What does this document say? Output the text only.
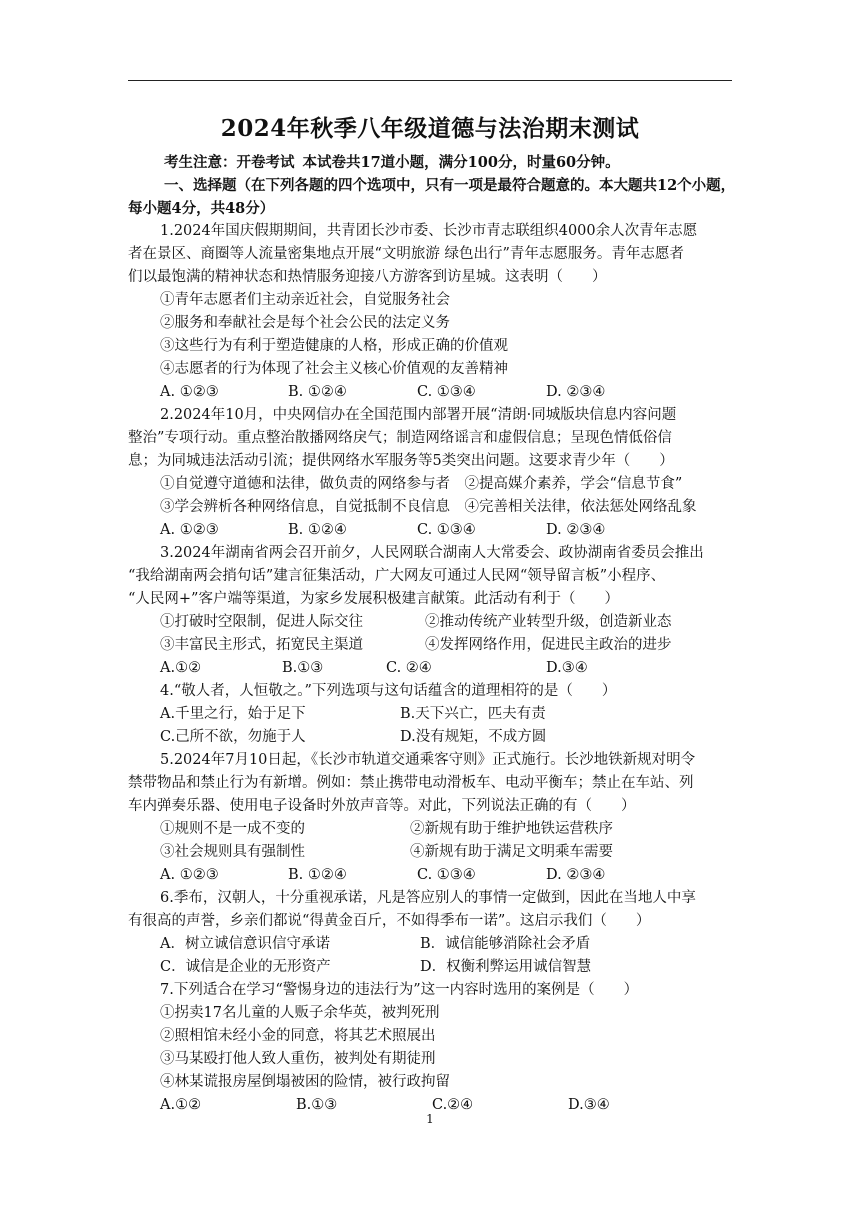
2024年秋季八年级道德与法治期末测试
考生注意：开卷考试 本试卷共17道小题，满分100分，时量60分钟。
一、选择题（在下列各题的四个选项中，只有一项是最符合题意的。本大题共12个小题，每小题4分，共48分）
1.2024年国庆假期期间，共青团长沙市委、长沙市青志联组织4000余人次青年志愿
者在景区、商圈等人流量密集地点开展“文明旅游 绿色出行”青年志愿服务。青年志愿者
们以最饱满的精神状态和热情服务迎接八方游客到访星城。这表明（　　）
①青年志愿者们主动亲近社会，自觉服务社会
②服务和奉献社会是每个社会公民的法定义务
③这些行为有利于塑造健康的人格，形成正确的价值观
④志愿者的行为体现了社会主义核心价值观的友善精神
A. ①②③	B. ①②④	C. ①③④	D. ②③④
2.2024年10月，中央网信办在全国范围内部署开展“清朗·同城版块信息内容问题
整治”专项行动。重点整治散播网络戾气；制造网络谣言和虚假信息；呈现色情低俗信
息；为同城违法活动引流；提供网络水军服务等5类突出问题。这要求青少年（　　）
①自觉遵守道德和法律，做负责的网络参与者　②提高媒介素养，学会“信息节食”
③学会辨析各种网络信息，自觉抵制不良信息　④完善相关法律，依法惩处网络乱象
A. ①②③	B. ①②④	C. ①③④	D. ②③④
3.2024年湖南省两会召开前夕，人民网联合湖南人大常委会、政协湖南省委员会推出
“我给湖南两会捎句话”建言征集活动，广大网友可通过人民网“领导留言板”小程序、
“人民网+”客户端等渠道，为家乡发展积极建言献策。此活动有利于（　　）
①打破时空限制，促进人际交往	②推动传统产业转型升级，创造新业态
③丰富民主形式，拓宽民主渠道	④发挥网络作用，促进民主政治的进步
A.①②	B.①③	C. ②④	D.③④
4.“敬人者，人恒敬之。”下列选项与这句话蕴含的道理相符的是（　　）
A.千里之行，始于足下	B.天下兴亡，匹夫有责
C.己所不欲，勿施于人	D.没有规矩，不成方圆
5.2024年7月10日起，《长沙市轨道交通乘客守则》正式施行。长沙地铁新规对明令
禁带物品和禁止行为有新增。例如：禁止携带电动滑板车、电动平衡车；禁止在车站、列
车内弹奏乐器、使用电子设备时外放声音等。对此，下列说法正确的有（　　）
①规则不是一成不变的	②新规有助于维护地铁运营秩序
③社会规则具有强制性	④新规有助于满足文明乘车需要
A. ①②③	B. ①②④	C. ①③④	D. ②③④
6.季布，汉朝人，十分重视承诺，凡是答应别人的事情一定做到，因此在当地人中享
有很高的声誉，乡亲们都说“得黄金百斤，不如得季布一诺”。这启示我们（　　）
A．树立诚信意识信守承诺	B．诚信能够消除社会矛盾
C．诚信是企业的无形资产	D．权衡利弊运用诚信智慧
7.下列适合在学习“警惕身边的违法行为”这一内容时选用的案例是（　　）
①拐卖17名儿童的人贩子余华英，被判死刑
②照相馆未经小金的同意，将其艺术照展出
③马某殴打他人致人重伤，被判处有期徒刑
④林某谎报房屋倒塌被困的险情，被行政拘留
A.①②	B.①③	C.②④	D.③④
1
